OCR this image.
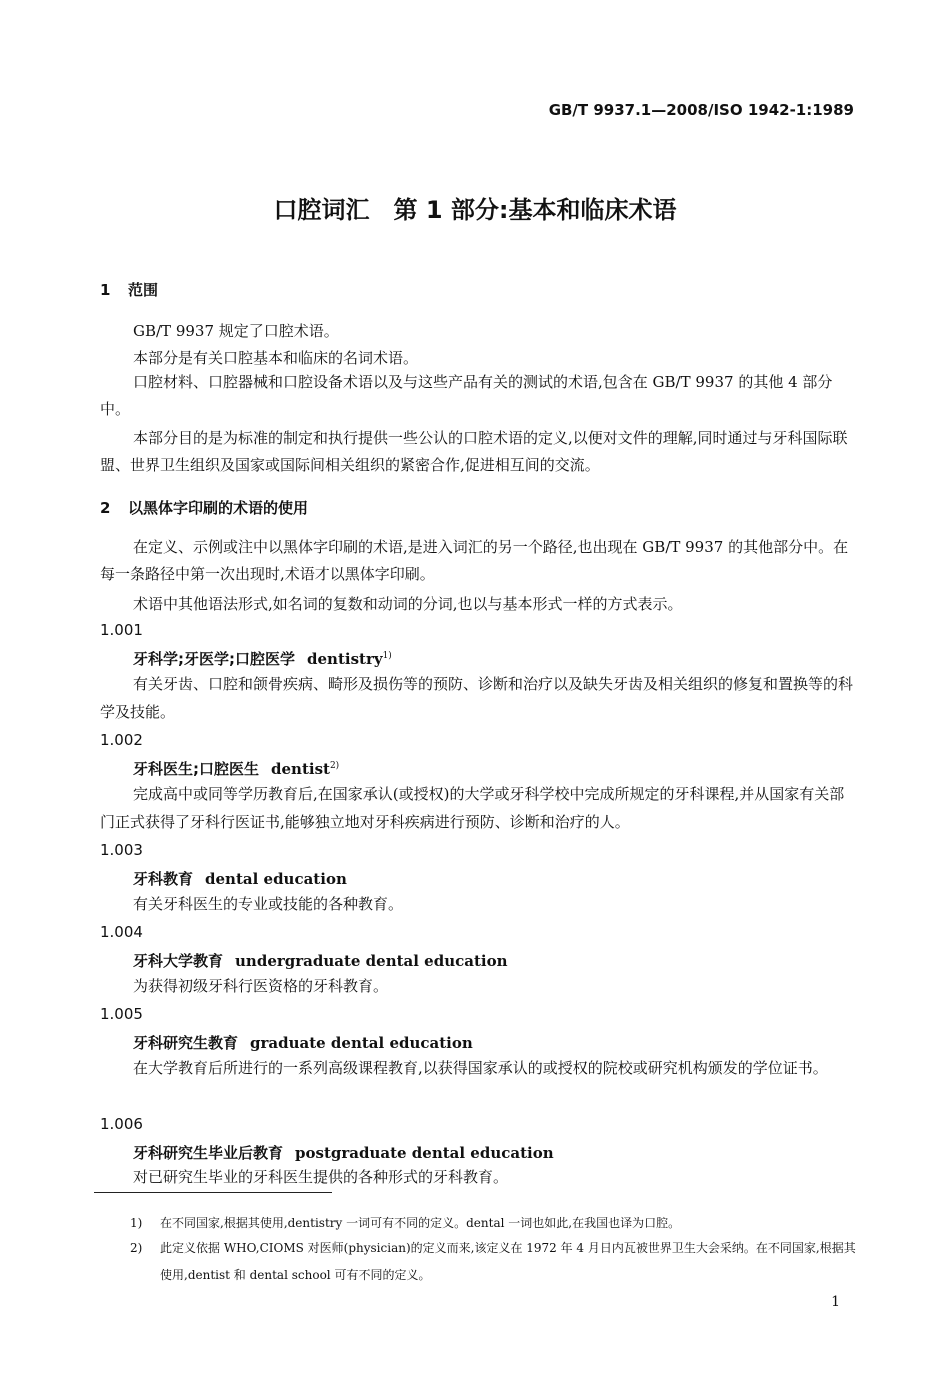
GB/T 9937.1—2008/ISO 1942-1:1989
口腔词汇　第 1 部分:基本和临床术语
1 范围
GB/T 9937 规定了口腔术语。
本部分是有关口腔基本和临床的名词术语。
口腔材料、口腔器械和口腔设备术语以及与这些产品有关的测试的术语,包含在 GB/T 9937 的其他 4 部分中。
本部分目的是为标准的制定和执行提供一些公认的口腔术语的定义,以便对文件的理解,同时通过与牙科国际联盟、世界卫生组织及国家或国际间相关组织的紧密合作,促进相互间的交流。
2 以黑体字印刷的术语的使用
在定义、示例或注中以黑体字印刷的术语,是进入词汇的另一个路径,也出现在 GB/T 9937 的其他部分中。在每一条路径中第一次出现时,术语才以黑体字印刷。
术语中其他语法形式,如名词的复数和动词的分词,也以与基本形式一样的方式表示。
1.001
牙科学;牙医学;口腔医学 dentistry$^{1)}$
有关牙齿、口腔和颌骨疾病、畸形及损伤等的预防、诊断和治疗以及缺失牙齿及相关组织的修复和置换等的科学及技能。
1.002
牙科医生;口腔医生 dentist$^{2)}$
完成高中或同等学历教育后,在国家承认(或授权)的大学或牙科学校中完成所规定的牙科课程,并从国家有关部门正式获得了牙科行医证书,能够独立地对牙科疾病进行预防、诊断和治疗的人。
1.003
牙科教育 dental education
有关牙科医生的专业或技能的各种教育。
1.004
牙科大学教育 undergraduate dental education
为获得初级牙科行医资格的牙科教育。
1.005
牙科研究生教育 graduate dental education
在大学教育后所进行的一系列高级课程教育,以获得国家承认的或授权的院校或研究机构颁发的学位证书。
1.006
牙科研究生毕业后教育 postgraduate dental education
对已研究生毕业的牙科医生提供的各种形式的牙科教育。
1) 在不同国家,根据其使用,dentistry 一词可有不同的定义。dental 一词也如此,在我国也译为口腔。
2) 此定义依据 WHO,CIOMS 对医师(physician)的定义而来,该定义在 1972 年 4 月日内瓦被世界卫生大会采纳。在不同国家,根据其使用,dentist 和 dental school 可有不同的定义。
1
